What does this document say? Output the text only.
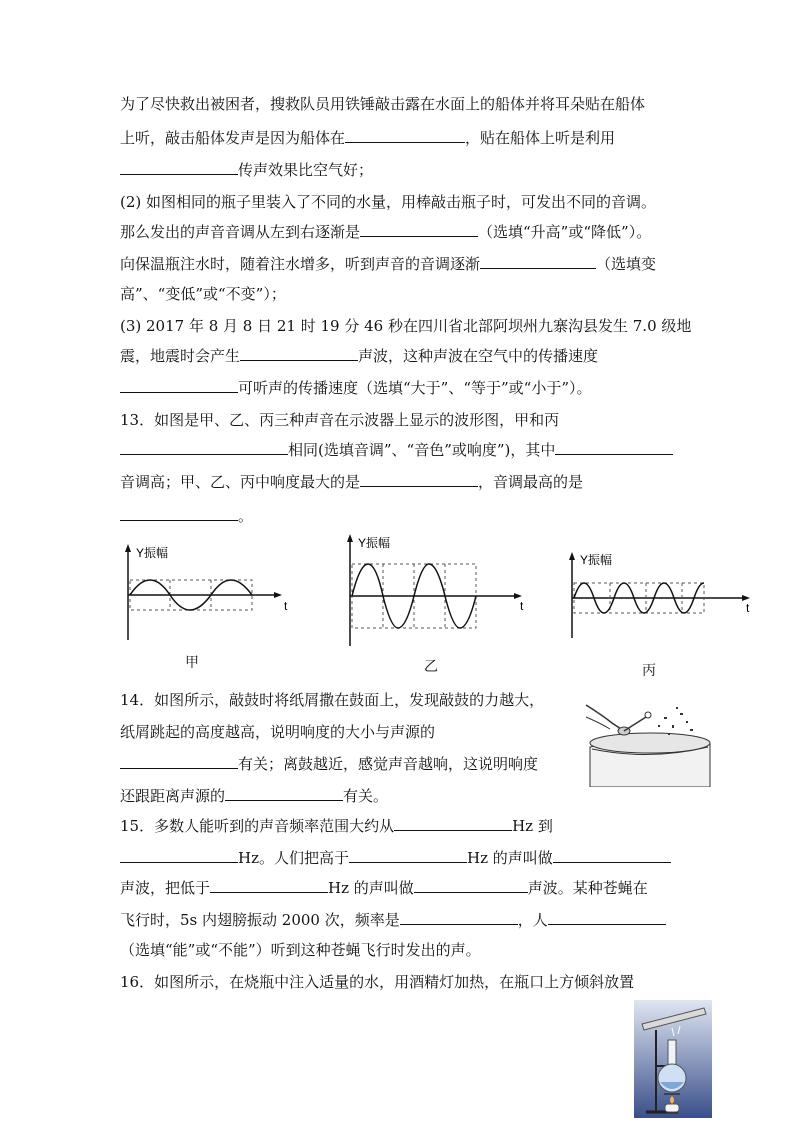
为了尽快救出被困者，搜救队员用铁锤敲击露在水面上的船体并将耳朵贴在船体
上听，敲击船体发声是因为船体在	，贴在船体上听是利用
传声效果比空气好；
(2) 如图相同的瓶子里装入了不同的水量，用棒敲击瓶子时，可发出不同的音调。
那么发出的声音音调从左到右逐渐是	（选填“升高”或“降低”）。
向保温瓶注水时，随着注水增多，听到声音的音调逐渐	（选填变
高”、“变低”或“不变”）；
(3) 2017 年 8 月 8 日 21 时 19 分 46 秒在四川省北部阿坝州九寨沟县发生 7.0 级地
震，地震时会产生	声波，这种声波在空气中的传播速度
可听声的传播速度（选填“大于”、“等于”或“小于”）。
13．如图是甲、乙、丙三种声音在示波器上显示的波形图，甲和丙
相同(选填音调”、“音色”或响度”)，其中
音调高；甲、乙、丙中响度最大的是	，音调最高的是
。
Y振幅
t
甲
Y振幅
t
乙
Y振幅
t
丙
14．如图所示，敲鼓时将纸屑撒在鼓面上，发现敲鼓的力越大，
纸屑跳起的高度越高，说明响度的大小与声源的
有关；离鼓越近，感觉声音越响，这说明响度
还跟距离声源的	有关。
15．多数人能听到的声音频率范围大约从	Hz 到
Hz。人们把高于	Hz 的声叫做
声波，把低于	Hz 的声叫做	声波。某种苍蝇在
飞行时，5s 内翅膀振动 2000 次，频率是	，人
（选填“能”或“不能”）听到这种苍蝇飞行时发出的声。
16．如图所示，在烧瓶中注入适量的水，用酒精灯加热，在瓶口上方倾斜放置
